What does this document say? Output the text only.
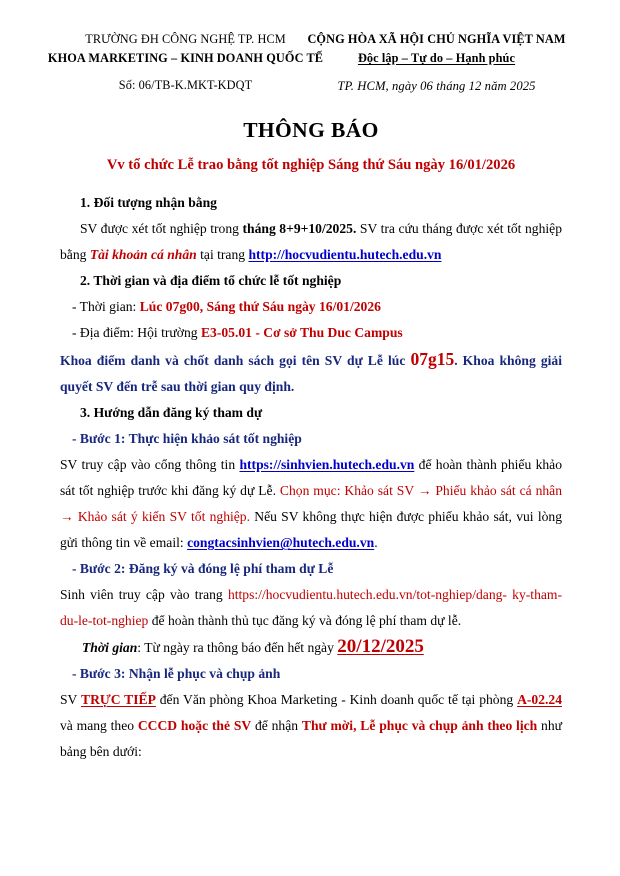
TRƯỜNG ĐH CÔNG NGHỆ TP. HCM
KHOA MARKETING – KINH DOANH QUỐC TẾ
Số: 06/TB-K.MKT-KDQT
CỘNG HÒA XÃ HỘI CHỦ NGHĨA VIỆT NAM
Độc lập – Tự do – Hạnh phúc
TP. HCM, ngày 06 tháng 12 năm 2025
THÔNG BÁO
Vv tổ chức Lễ trao bằng tốt nghiệp Sáng thứ Sáu ngày 16/01/2026

1. Đối tượng nhận bằng

SV được xét tốt nghiệp trong tháng 8+9+10/2025. SV tra cứu tháng được xét tốt nghiệp bằng Tài khoản cá nhân tại trang http://hocvudientu.hutech.edu.vn

2. Thời gian và địa điểm tổ chức lễ tốt nghiệp

- Thời gian: Lúc 07g00, Sáng thứ Sáu ngày 16/01/2026

- Địa điểm: Hội trường E3-05.01 - Cơ sở Thu Duc Campus

Khoa điểm danh và chốt danh sách gọi tên SV dự Lễ lúc 07g15. Khoa không giải quyết SV đến trễ sau thời gian quy định.

3. Hướng dẫn đăng ký tham dự

- Bước 1: Thực hiện khảo sát tốt nghiệp

SV truy cập vào cổng thông tin https://sinhvien.hutech.edu.vn để hoàn thành phiếu khảo sát tốt nghiệp trước khi đăng ký dự Lễ. Chọn mục: Khảo sát SV → Phiếu khảo sát cá nhân → Khảo sát ý kiến SV tốt nghiệp. Nếu SV không thực hiện được phiếu khảo sát, vui lòng gửi thông tin về email: congtacsinhvien@hutech.edu.vn.

- Bước 2: Đăng ký và đóng lệ phí tham dự Lễ

Sinh viên truy cập vào trang https://hocvudientu.hutech.edu.vn/tot-nghiep/dang- ky-tham-du-le-tot-nghiep để hoàn thành thủ tục đăng ký và đóng lệ phí tham dự lễ.

Thời gian: Từ ngày ra thông báo đến hết ngày 20/12/2025

- Bước 3: Nhận lễ phục và chụp ảnh

SV TRỰC TIẾP đến Văn phòng Khoa Marketing - Kinh doanh quốc tế tại phòng A-02.24 và mang theo CCCD hoặc thẻ SV để nhận Thư mời, Lễ phục và chụp ảnh theo lịch như bảng bên dưới:
